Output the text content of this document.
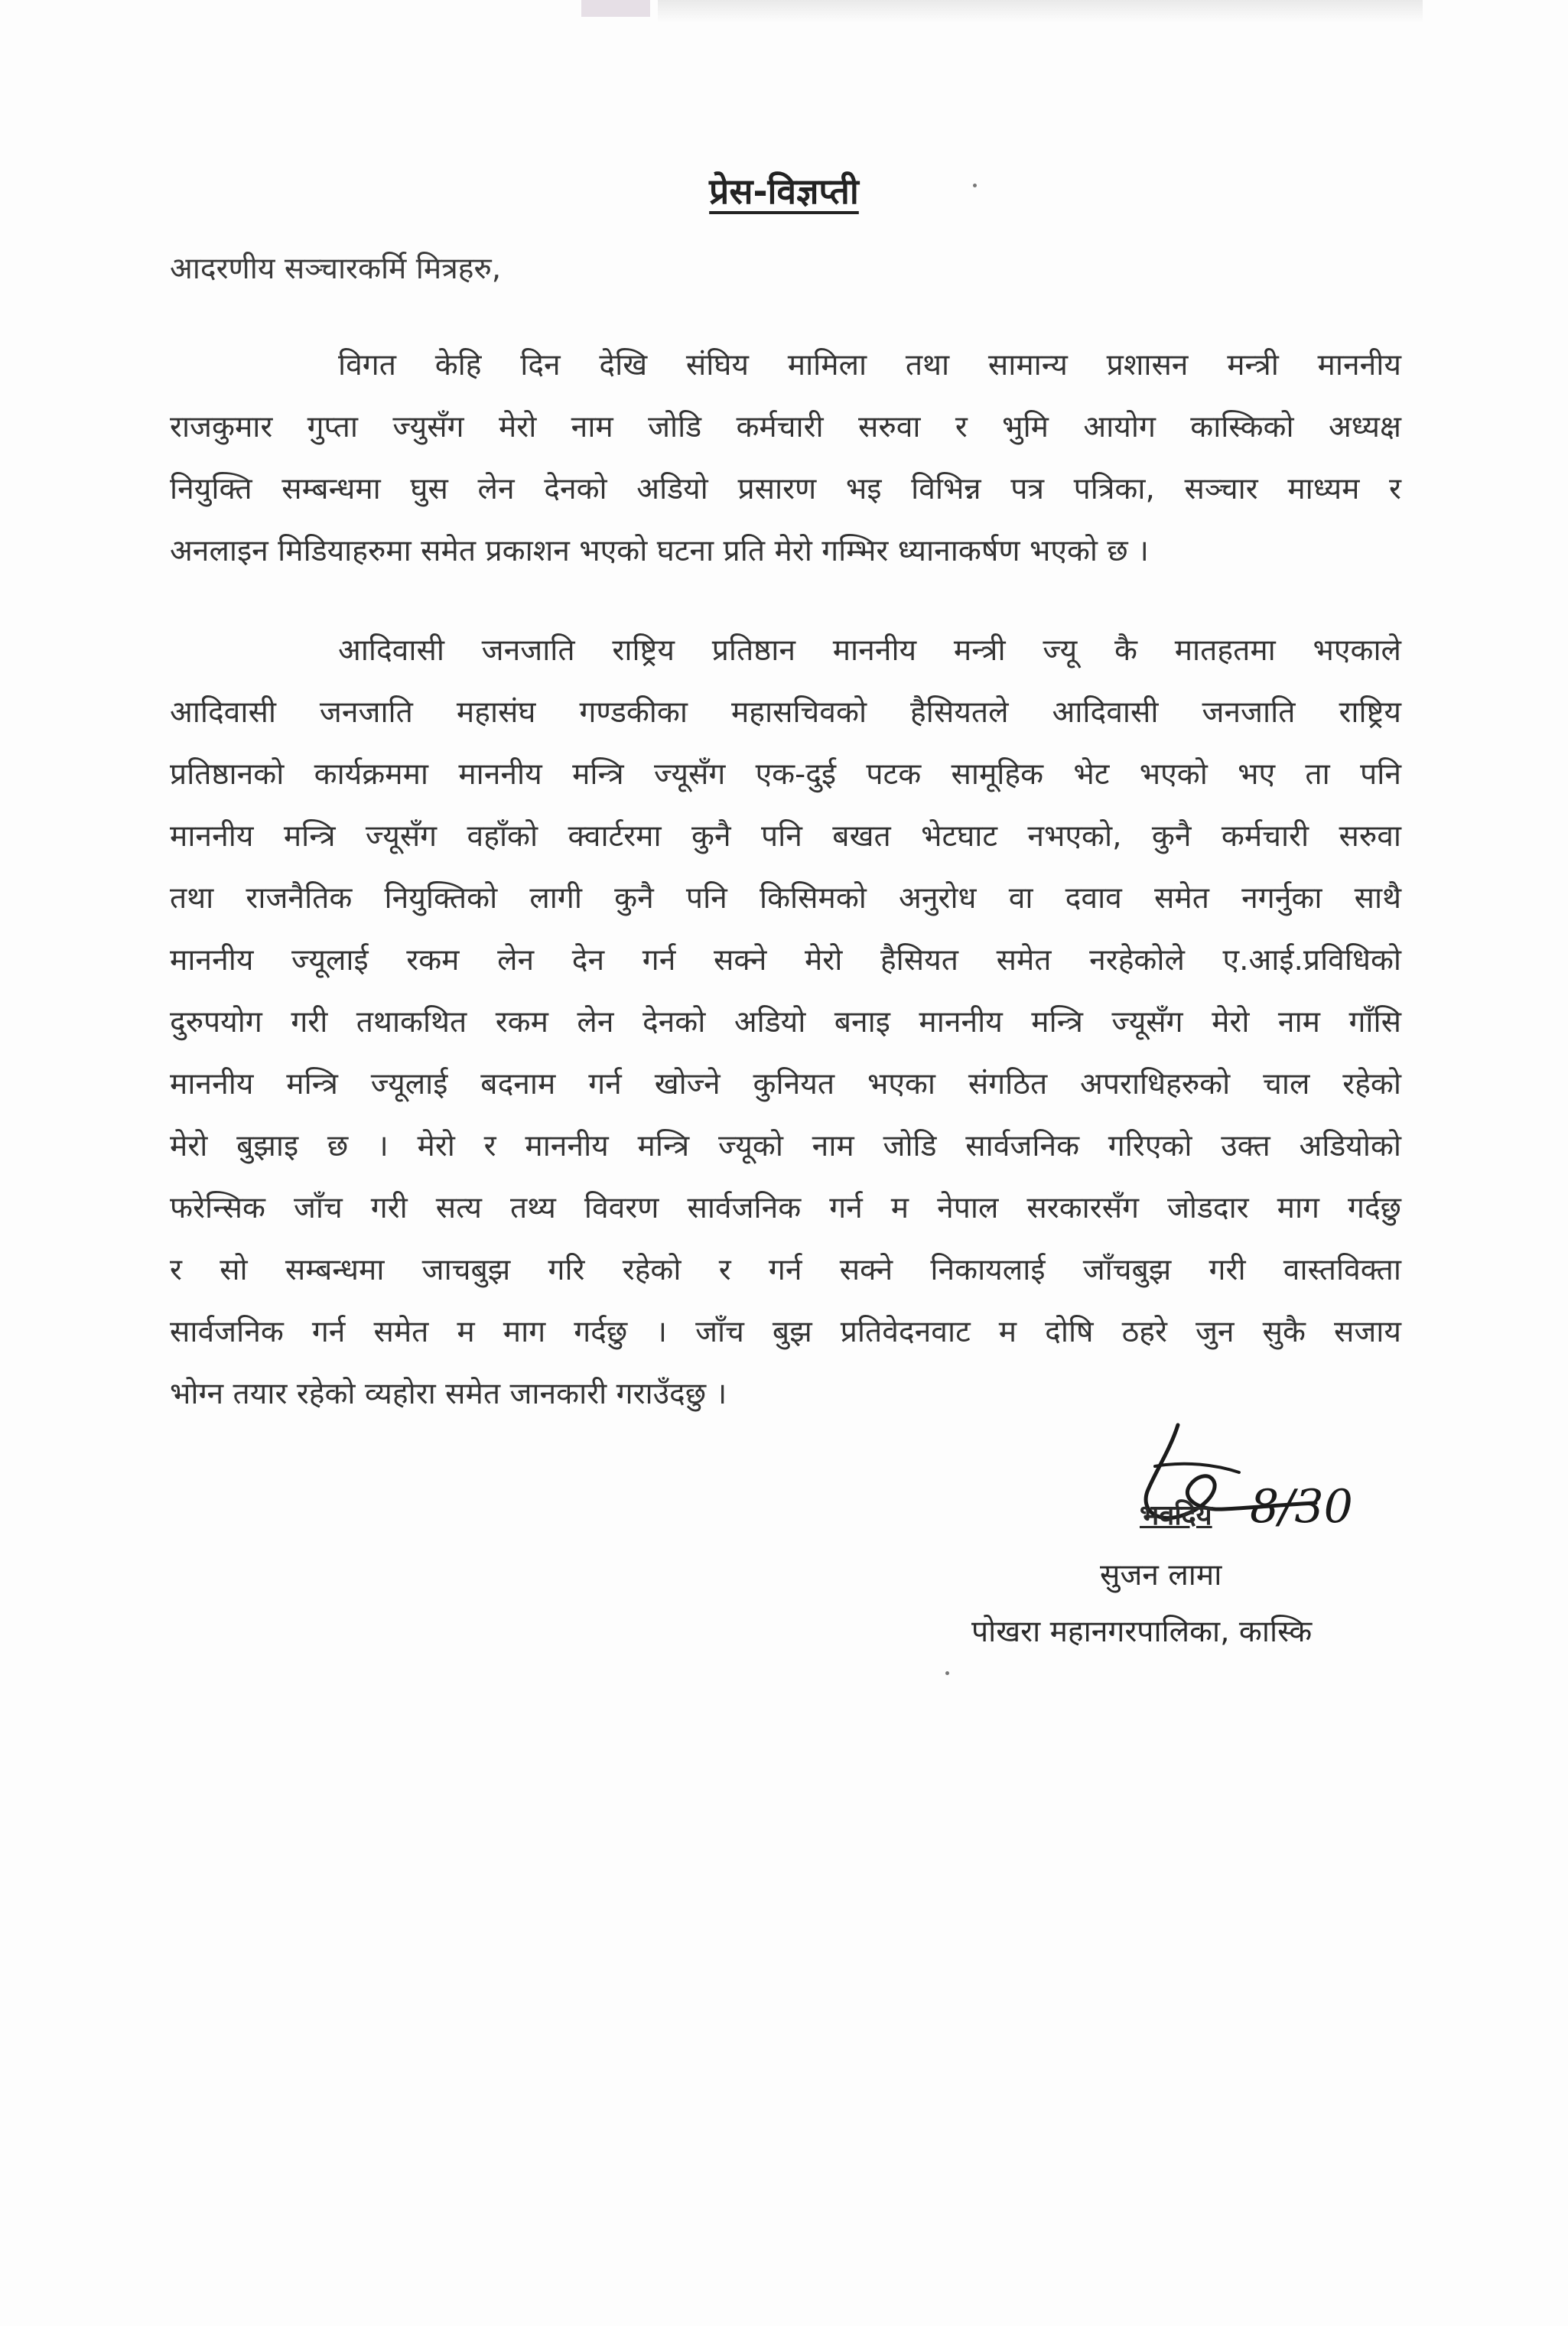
प्रेस-विज्ञप्ती
आदरणीय सञ्चारकर्मि मित्रहरु,
विगत केहि दिन देखि संघिय मामिला तथा सामान्य प्रशासन मन्त्री माननीय
राजकुमार गुप्ता ज्युसँग मेरो नाम जोडि कर्मचारी सरुवा र भुमि आयोग कास्किको अध्यक्ष
नियुक्ति सम्बन्धमा घुस लेन देनको अडियो प्रसारण भइ विभिन्न पत्र पत्रिका, सञ्चार माध्यम र
अनलाइन मिडियाहरुमा समेत प्रकाशन भएको घटना प्रति मेरो गम्भिर ध्यानाकर्षण भएको छ ।
आदिवासी जनजाति राष्ट्रिय प्रतिष्ठान माननीय मन्त्री ज्यू कै मातहतमा भएकाले
आदिवासी जनजाति महासंघ गण्डकीका महासचिवको हैसियतले आदिवासी जनजाति राष्ट्रिय
प्रतिष्ठानको कार्यक्रममा माननीय मन्त्रि ज्यूसँग एक-दुई पटक सामूहिक भेट भएको भए ता पनि
माननीय मन्त्रि ज्यूसँग वहाँको क्वार्टरमा कुनै पनि बखत भेटघाट नभएको, कुनै कर्मचारी सरुवा
तथा राजनैतिक नियुक्तिको लागी कुनै पनि किसिमको अनुरोध वा दवाव समेत नगर्नुका साथै
माननीय ज्यूलाई रकम लेन देन गर्न सक्ने मेरो हैसियत समेत नरहेकोले ए.आई.प्रविधिको
दुरुपयोग गरी तथाकथित रकम लेन देनको अडियो बनाइ माननीय मन्त्रि ज्यूसँग मेरो नाम गाँसि
माननीय मन्त्रि ज्यूलाई बदनाम गर्न खोज्ने कुनियत भएका संगठित अपराधिहरुको चाल रहेको
मेरो बुझाइ छ । मेरो र माननीय मन्त्रि ज्यूको नाम जोडि सार्वजनिक गरिएको उक्त अडियोको
फरेन्सिक जाँच गरी सत्य तथ्य विवरण सार्वजनिक गर्न म नेपाल सरकारसँग जोडदार माग गर्दछु
र सो सम्बन्धमा जाचबुझ गरि रहेको र गर्न सक्ने निकायलाई जाँचबुझ गरी वास्तविक्ता
सार्वजनिक गर्न समेत म माग गर्दछु । जाँच बुझ प्रतिवेदनवाट म दोषि ठहरे जुन सुकै सजाय
भोग्न तयार रहेको व्यहोरा समेत जानकारी गराउँदछु ।
भवदिय 8/30
सुजन लामा
पोखरा महानगरपालिका, कास्कि
